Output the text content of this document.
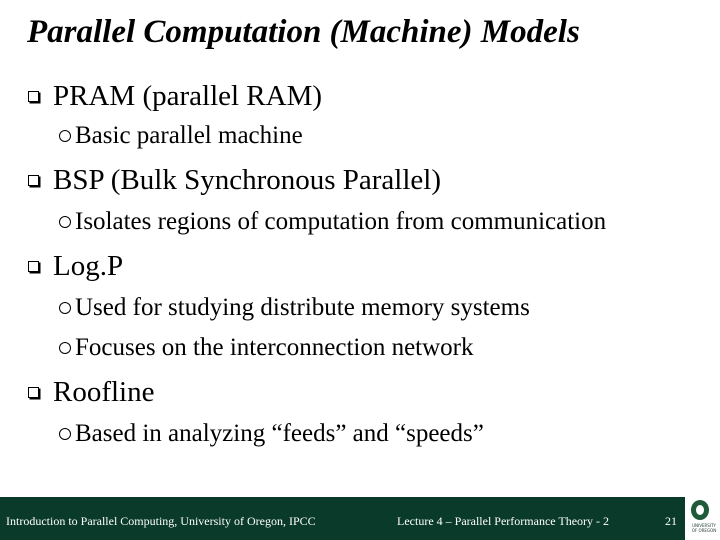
Parallel Computation (Machine) Models
PRAM (parallel RAM)
Basic parallel machine
BSP (Bulk Synchronous Parallel)
Isolates regions of computation from communication
Log.P
Used for studying distribute memory systems
Focuses on the interconnection network
Roofline
Based in analyzing “feeds” and “speeds”
Introduction to Parallel Computing, University of Oregon, IPCC	Lecture 4 – Parallel Performance Theory - 2	21	UNIVERSITY
OF OREGON
